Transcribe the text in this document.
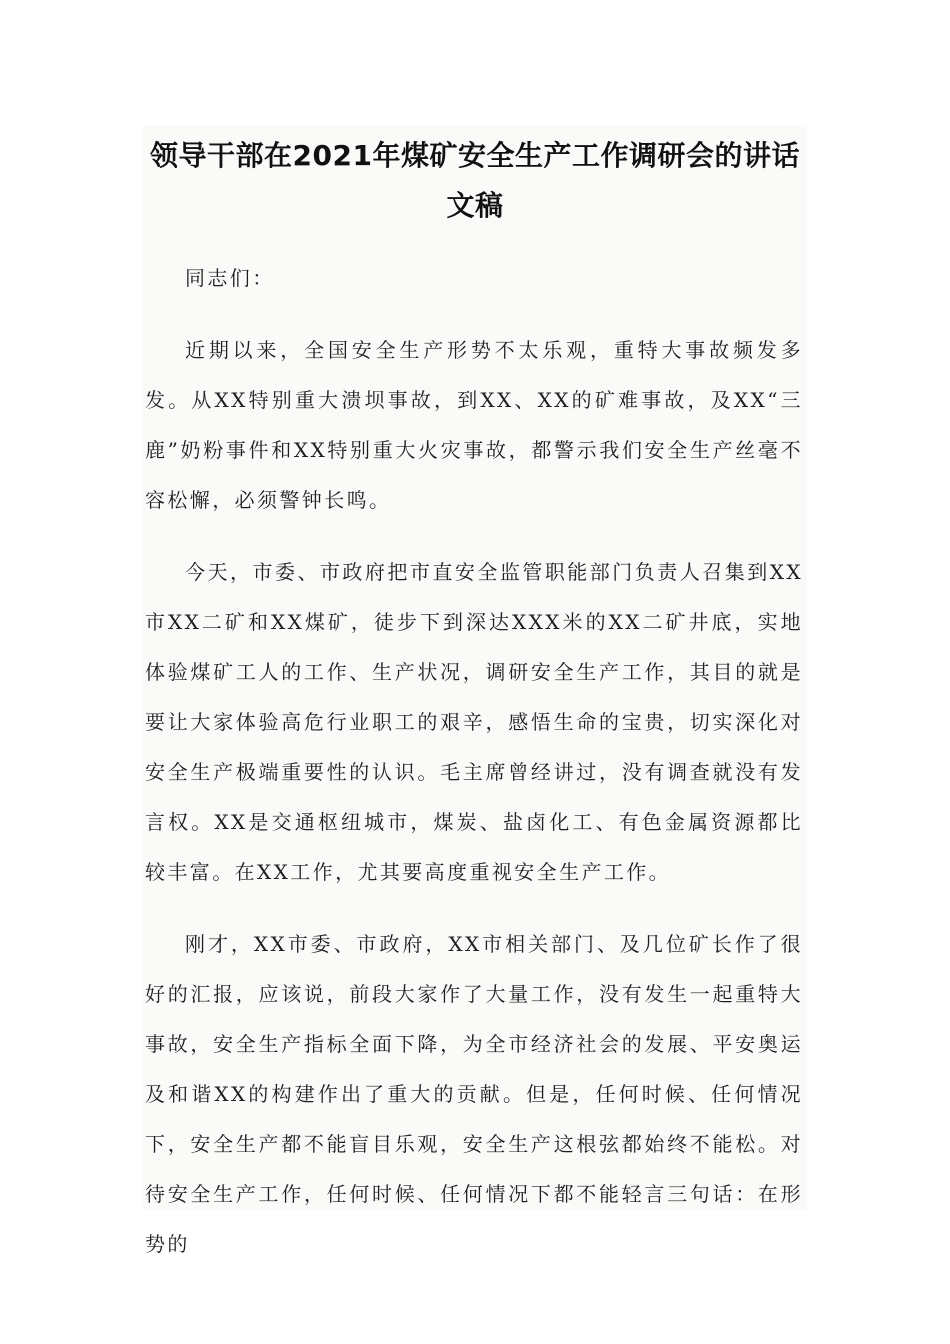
领导干部在2021年煤矿安全生产工作调研会的讲话
文稿

同志们：

近期以来，全国安全生产形势不太乐观，重特大事故频发多发。从XX特别重大溃坝事故，到XX、XX的矿难事故，及XX“三鹿”奶粉事件和XX特别重大火灾事故，都警示我们安全生产丝毫不容松懈，必须警钟长鸣。

今天，市委、市政府把市直安全监管职能部门负责人召集到XX市XX二矿和XX煤矿，徒步下到深达XXX米的XX二矿井底，实地体验煤矿工人的工作、生产状况，调研安全生产工作，其目的就是要让大家体验高危行业职工的艰辛，感悟生命的宝贵，切实深化对安全生产极端重要性的认识。毛主席曾经讲过，没有调查就没有发言权。XX是交通枢纽城市，煤炭、盐卤化工、有色金属资源都比较丰富。在XX工作，尤其要高度重视安全生产工作。

刚才，XX市委、市政府，XX市相关部门、及几位矿长作了很好的汇报，应该说，前段大家作了大量工作，没有发生一起重特大事故，安全生产指标全面下降，为全市经济社会的发展、平安奥运及和谐XX的构建作出了重大的贡献。但是，任何时候、任何情况下，安全生产都不能盲目乐观，安全生产这根弦都始终不能松。对待安全生产工作，任何时候、任何情况下都不能轻言三句话：在形势的
